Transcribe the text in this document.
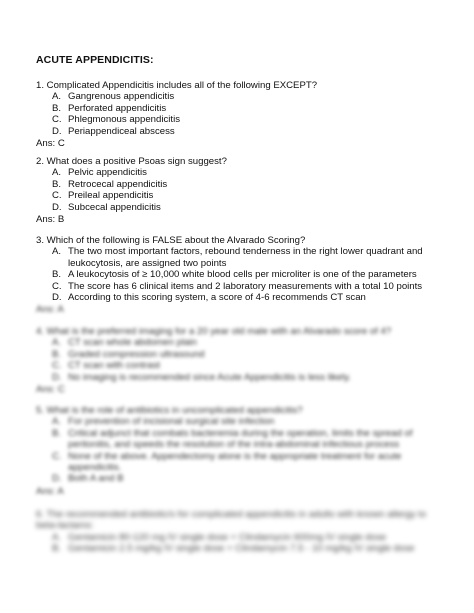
ACUTE APPENDICITIS:
1. Complicated Appendicitis includes all of the following EXCEPT?
A. Gangrenous appendicitis
B. Perforated appendicitis
C. Phlegmonous appendicitis
D. Periappendiceal abscess
Ans: C
2. What does a positive Psoas sign suggest?
A. Pelvic appendicitis
B. Retrocecal appendicitis
C. Preileal appendicitis
D. Subcecal appendicitis
Ans: B
3. Which of the following is FALSE about the Alvarado Scoring?
A. The two most important factors, rebound tenderness in the right lower quadrant and leukocytosis, are assigned two points
B. A leukocytosis of ≥ 10,000 white blood cells per microliter is one of the parameters
C. The score has 6 clinical items and 2 laboratory measurements with a total 10 points
D. According to this scoring system, a score of 4-6 recommends CT scan
Ans: A
4. What is the preferred imaging for a 20 year old male with an Alvarado score of 4?
A. CT scan whole abdomen plain
B. Graded compression ultrasound
C. CT scan with contrast
D. No imaging is recommended since Acute Appendicitis is less likely.
Ans: C
5. What is the role of antibiotics in uncomplicated appendicitis?
A. For prevention of incisional surgical site infection
B. Critical adjunct that combats bacteremia during the operation, limits the spread of peritonitis, and speeds the resolution of the intra-abdominal infectious process
C. None of the above. Appendectomy alone is the appropriate treatment for acute appendicitis.
D. Both A and B
Ans: A
6. The recommended antibiotic/s for complicated appendicitis in adults with known allergy to beta-lactams:
A. Gentamicin 80-120 mg IV single dose + Clindamycin 600mg IV single dose
B. Gentamicin 2.5 mg/kg IV single dose + Clindamycin 7.5 - 10 mg/kg IV single dose
